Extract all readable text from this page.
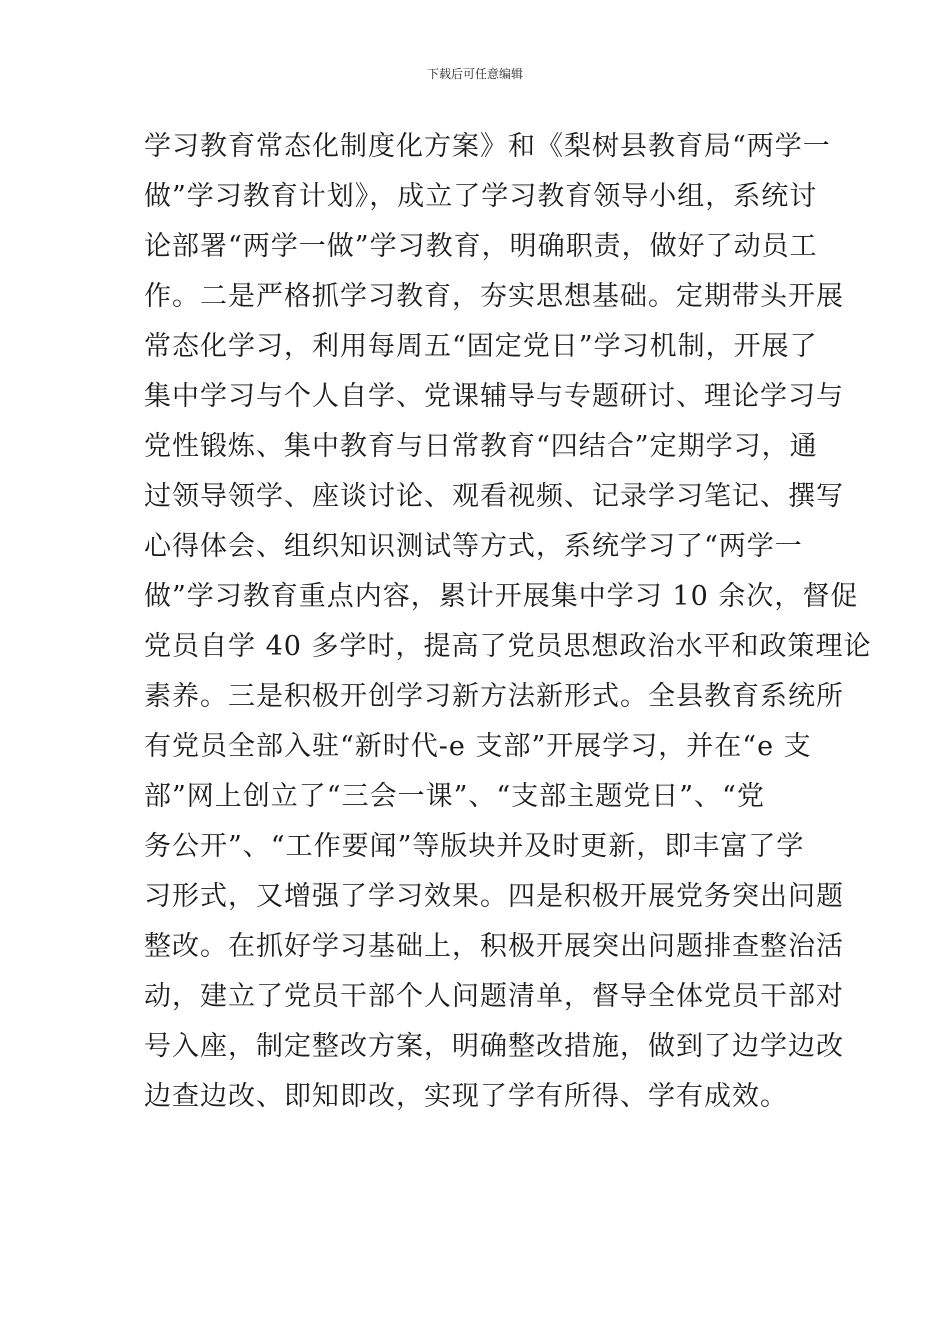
下载后可任意编辑
学习教育常态化制度化方案》和《梨树县教育局“两学一
做”学习教育计划》，成立了学习教育领导小组，系统讨
论部署“两学一做”学习教育，明确职责，做好了动员工
作。二是严格抓学习教育，夯实思想基础。定期带头开展
常态化学习，利用每周五“固定党日”学习机制，开展了
集中学习与个人自学、党课辅导与专题研讨、理论学习与
党性锻炼、集中教育与日常教育“四结合”定期学习，通
过领导领学、座谈讨论、观看视频、记录学习笔记、撰写
心得体会、组织知识测试等方式，系统学习了“两学一
做”学习教育重点内容，累计开展集中学习 10 余次，督促
党员自学 40 多学时，提高了党员思想政治水平和政策理论
素养。三是积极开创学习新方法新形式。全县教育系统所
有党员全部入驻“新时代-e 支部”开展学习，并在“e 支
部”网上创立了“三会一课”、“支部主题党日”、“党
务公开”、“工作要闻”等版块并及时更新，即丰富了学
习形式，又增强了学习效果。四是积极开展党务突出问题
整改。在抓好学习基础上，积极开展突出问题排查整治活
动，建立了党员干部个人问题清单，督导全体党员干部对
号入座，制定整改方案，明确整改措施，做到了边学边改
边查边改、即知即改，实现了学有所得、学有成效。
